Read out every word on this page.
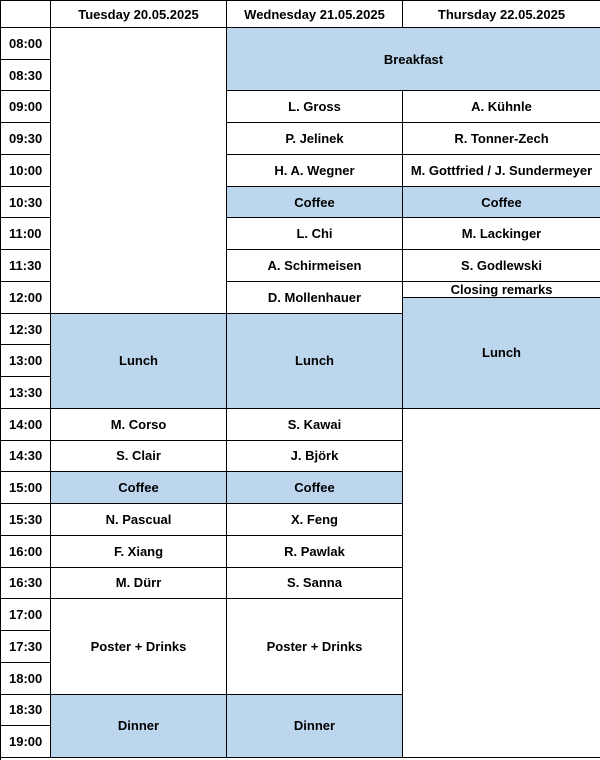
Tuesday 20.05.2025	Wednesday 21.05.2025	Thursday 22.05.2025
08:00
08:30
09:00
09:30
10:00
10:30
11:00
11:30
12:00
12:30
13:00
13:30
14:00
14:30
15:00
15:30
16:00
16:30
17:00
17:30
18:00
18:30
19:00
Lunch
M. Corso
S. Clair
Coffee
N. Pascual
F. Xiang
M. Dürr
Poster + Drinks
Dinner
L. Gross
P. Jelinek
H. A. Wegner
Coffee
L. Chi
A. Schirmeisen
D. Mollenhauer
Lunch
S. Kawai
J. Björk
Coffee
X. Feng
R. Pawlak
S. Sanna
Poster + Drinks
Dinner
A. Kühnle
R. Tonner-Zech
M. Gottfried / J. Sundermeyer
Coffee
M. Lackinger
S. Godlewski
Closing remarks
Lunch
Breakfast
